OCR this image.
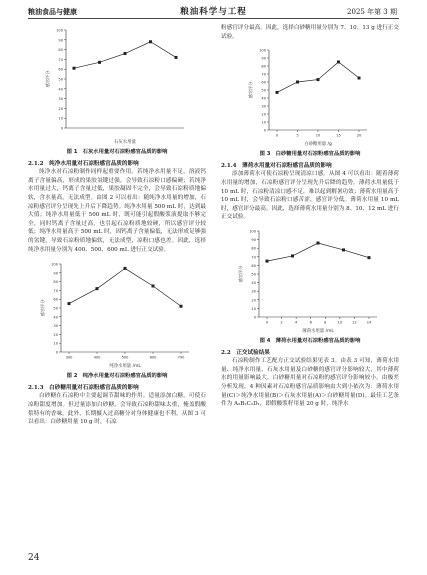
粮油食品与健康	粮油科学与工程	2025 年第 3 期
0
10
20
30
40
50
60
70
80
90
100
感官评分
石灰水用量
图 1　石灰水用量对石凉粉感官品质的影响

2.1.2　纯净水用量对石凉粉感官品质的影响

纯净水对石凉粉制作同样起重要作用。若纯净水用量不足，溶液钙离子含量偏高，形成的果胶氢键过强，会导致石凉粉口感偏硬；若纯净水用量过大，钙离子含量过低，果胶凝固不完全，会导致石凉粉质地偏软，含水量高，无法成型。由图 2 可以看出：随纯净水用量的增加，石凉粉感官评分呈现先上升后下降趋势。纯净水用量 500 mL 时，达到最大值；纯净水用量低于 500 mL 时，既可能引起假酸浆液提取不够完全，同时钙离子含量过高，也引起石凉粉质地较硬，所以感官评分较低；纯净水用量高于 500 mL 时，因钙离子含量偏低，无法形成足够强的氢键，导致石凉粉质地偏软，无法成型，凉粉口感也差。因此，选择纯净水用量分别为 400、500、600 mL 进行正交试验。

0
10
20
30
40
50
60
70
80
90
100
感官评分
300	400	500	600	700
纯净水用量 /mL
图 2　纯净水用量对石凉粉感官品质的影响

2.1.3　白砂糖用量对石凉粉感官品质的影响

白砂糖在石凉粉中主要起调节甜味的作用。适量添加白糖，可使石凉粉甜度增加。但过量添加白砂糖，会导致石凉粉甜味太重，掩盖假酸浆特有的香味。此外，长期摄入过高糖分对身体健康也不利。从图 3 可以看出：白砂糖用量 10 g 时，石凉

粉感官评分最高。因此，选择白砂糖用量分别为 7、10、13 g 进行正交试验。

0
10
20
30
40
50
60
70
80
90
100
感官评分
0	5	10	15	20
白砂糖用量 /g
图 3　白砂糖用量对石凉粉感官品质的影响

2.1.4　薄荷水用量对石凉粉感官品质的影响

添加薄荷水可使石凉粉呈现清凉口感。从图 4 可以看出：随着薄荷水用量的增加，石凉粉感官评分呈现先升后降的趋势。薄荷水用量低于 10 mL 时，石凉粉清凉口感不足，难以起到解暑功效；薄荷水用量高于 10 mL 时，会导致石凉粉口感苦涩，感官评分低。薄荷水用量 10 mL 时，感官评分最高。因此，选择薄荷水用量分别为 8、10、12 mL 进行正交试验。

0
10
20
30
40
50
60
70
80
90
100
感官评分
0	2	4	6	8	10	12	14
薄荷水用量 /mL
图 4　薄荷水用量对石凉粉感官品质的影响

2.2　正交试验结果

石凉粉制作工艺配方正交试验结果见表 3。由表 3 可知，薄荷水用量、纯净水用量、石灰水用量及白砂糖的感官评分影响较大，其中薄荷水的用量影响最大，白砂糖用量对石凉粉的感官评分影响较小。由极差分析发现，4 种因素对石凉粉感官品质影响由大到小依次为：薄荷水用量(C)＞纯净水用量(B)＞石灰水用量(A)＞白砂糖用量(D)。最佳工艺条件为 A₂B₂C₂D₁，即假酸浆籽用量 20 g 时，纯净水

24
